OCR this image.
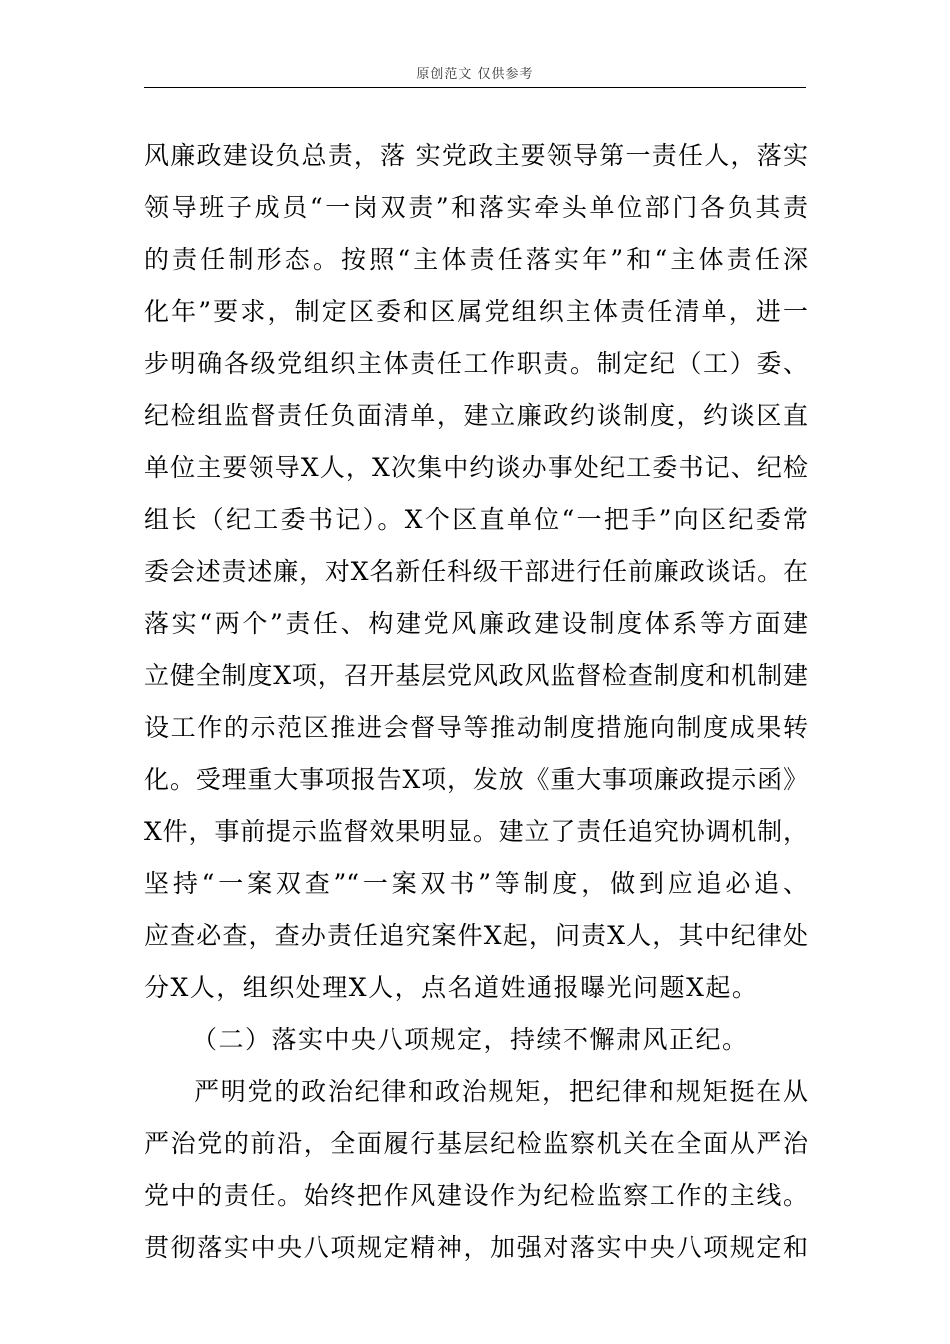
原创范文 仅供参考
风廉政建设负总责，落 实党政主要领导第一责任人，落实
领导班子成员“一岗双责”和落实牵头单位部门各负其责
的责任制形态。按照“主体责任落实年”和“主体责任深
化年”要求，制定区委和区属党组织主体责任清单，进一
步明确各级党组织主体责任工作职责。制定纪（工）委、
纪检组监督责任负面清单，建立廉政约谈制度，约谈区直
单位主要领导X人，X次集中约谈办事处纪工委书记、纪检
组长（纪工委书记）。X个区直单位“一把手”向区纪委常
委会述责述廉，对X名新任科级干部进行任前廉政谈话。在
落实“两个”责任、构建党风廉政建设制度体系等方面建
立健全制度X项，召开基层党风政风监督检查制度和机制建
设工作的示范区推进会督导等推动制度措施向制度成果转
化。受理重大事项报告X项，发放《重大事项廉政提示函》
X件，事前提示监督效果明显。建立了责任追究协调机制，
坚持“一案双查”“一案双书”等制度，做到应追必追、
应查必查，查办责任追究案件X起，问责X人，其中纪律处
分X人，组织处理X人，点名道姓通报曝光问题X起。
（二）落实中央八项规定，持续不懈肃风正纪。
严明党的政治纪律和政治规矩，把纪律和规矩挺在从
严治党的前沿，全面履行基层纪检监察机关在全面从严治
党中的责任。始终把作风建设作为纪检监察工作的主线。
贯彻落实中央八项规定精神，加强对落实中央八项规定和
